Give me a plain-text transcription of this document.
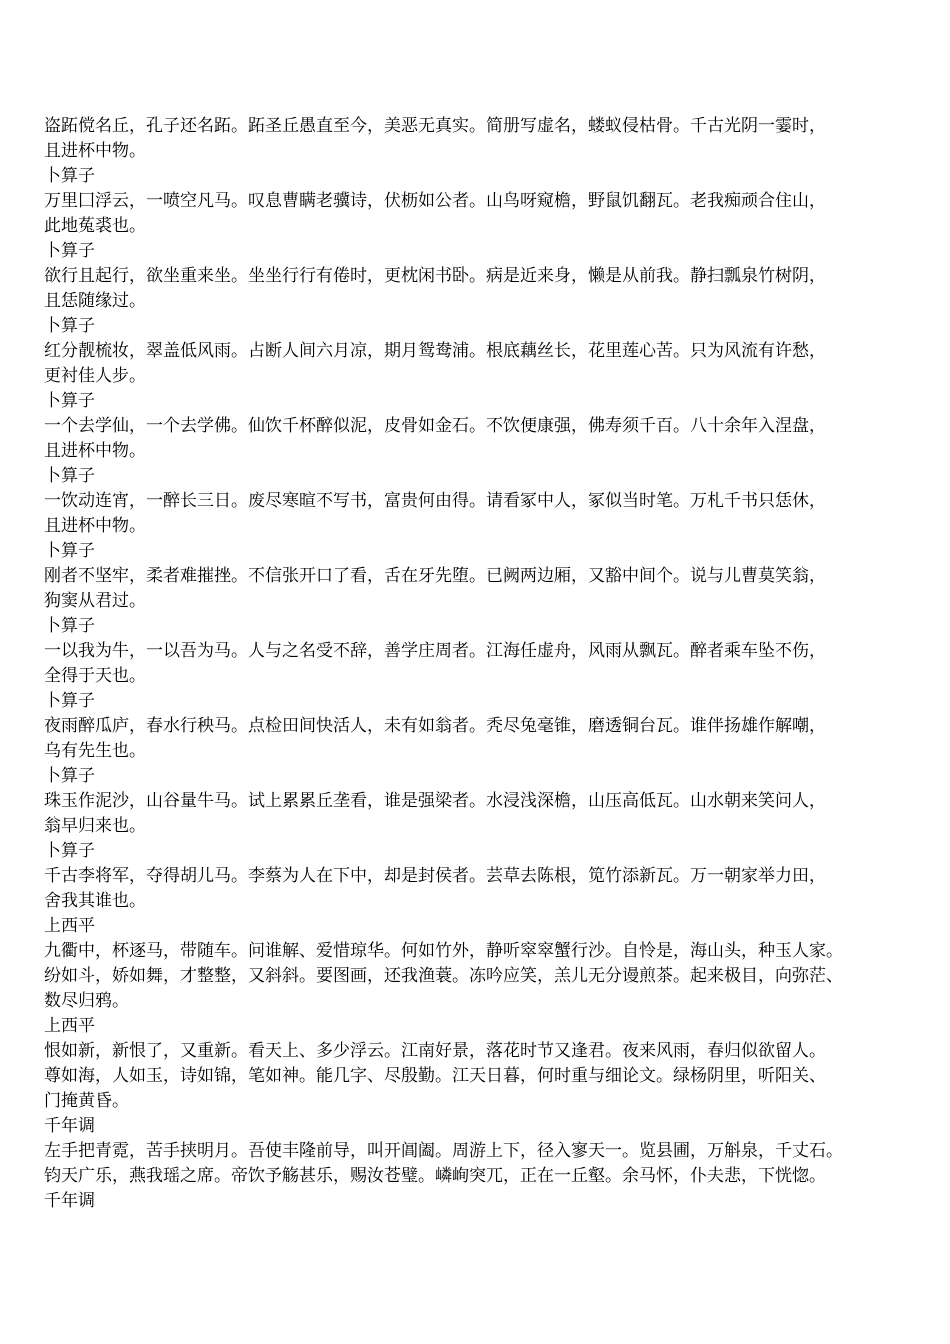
盗跖傥名丘，孔子还名跖。跖圣丘愚直至今，美恶无真实。简册写虚名，蝼蚁侵枯骨。千古光阴一霎时，
且进杯中物。
卜算子
万里囗浮云，一喷空凡马。叹息曹瞒老骥诗，伏枥如公者。山鸟呀窥檐，野鼠饥翻瓦。老我痴顽合住山，
此地菟裘也。
卜算子
欲行且起行，欲坐重来坐。坐坐行行有倦时，更枕闲书卧。病是近来身，懒是从前我。静扫瓢泉竹树阴，
且恁随缘过。
卜算子
红分靓梳妆，翠盖低风雨。占断人间六月凉，期月鸳鸯浦。根底藕丝长，花里莲心苦。只为风流有许愁，
更衬佳人步。
卜算子
一个去学仙，一个去学佛。仙饮千杯醉似泥，皮骨如金石。不饮便康强，佛寿须千百。八十余年入涅盘，
且进杯中物。
卜算子
一饮动连宵，一醉长三日。废尽寒暄不写书，富贵何由得。请看冢中人，冢似当时笔。万札千书只恁休，
且进杯中物。
卜算子
刚者不坚牢，柔者难摧挫。不信张开口了看，舌在牙先堕。已阙两边厢，又豁中间个。说与儿曹莫笑翁，
狗窦从君过。
卜算子
一以我为牛，一以吾为马。人与之名受不辞，善学庄周者。江海任虚舟，风雨从飘瓦。醉者乘车坠不伤，
全得于天也。
卜算子
夜雨醉瓜庐，春水行秧马。点检田间快活人，未有如翁者。秃尽兔毫锥，磨透铜台瓦。谁伴扬雄作解嘲，
乌有先生也。
卜算子
珠玉作泥沙，山谷量牛马。试上累累丘垄看，谁是强梁者。水浸浅深檐，山压高低瓦。山水朝来笑问人，
翁早归来也。
卜算子
千古李将军，夺得胡儿马。李蔡为人在下中，却是封侯者。芸草去陈根，笕竹添新瓦。万一朝家举力田，
舍我其谁也。
上西平
九衢中，杯逐马，带随车。问谁解、爱惜琼华。何如竹外，静听窣窣蟹行沙。自怜是，海山头，种玉人家。
纷如斗，娇如舞，才整整，又斜斜。要图画，还我渔蓑。冻吟应笑，羔儿无分谩煎茶。起来极目，向弥茫、
数尽归鸦。
上西平
恨如新，新恨了，又重新。看天上、多少浮云。江南好景，落花时节又逢君。夜来风雨，春归似欲留人。
尊如海，人如玉，诗如锦，笔如神。能几字、尽殷勤。江天日暮，何时重与细论文。绿杨阴里，听阳关、
门掩黄昏。
千年调
左手把青霓，苦手挟明月。吾使丰隆前导，叫开阊阖。周游上下，径入寥天一。览县圃，万斛泉，千丈石。
钧天广乐，燕我瑶之席。帝饮予觞甚乐，赐汝苍璧。嶙峋突兀，正在一丘壑。余马怀，仆夫悲，下恍惚。
千年调
